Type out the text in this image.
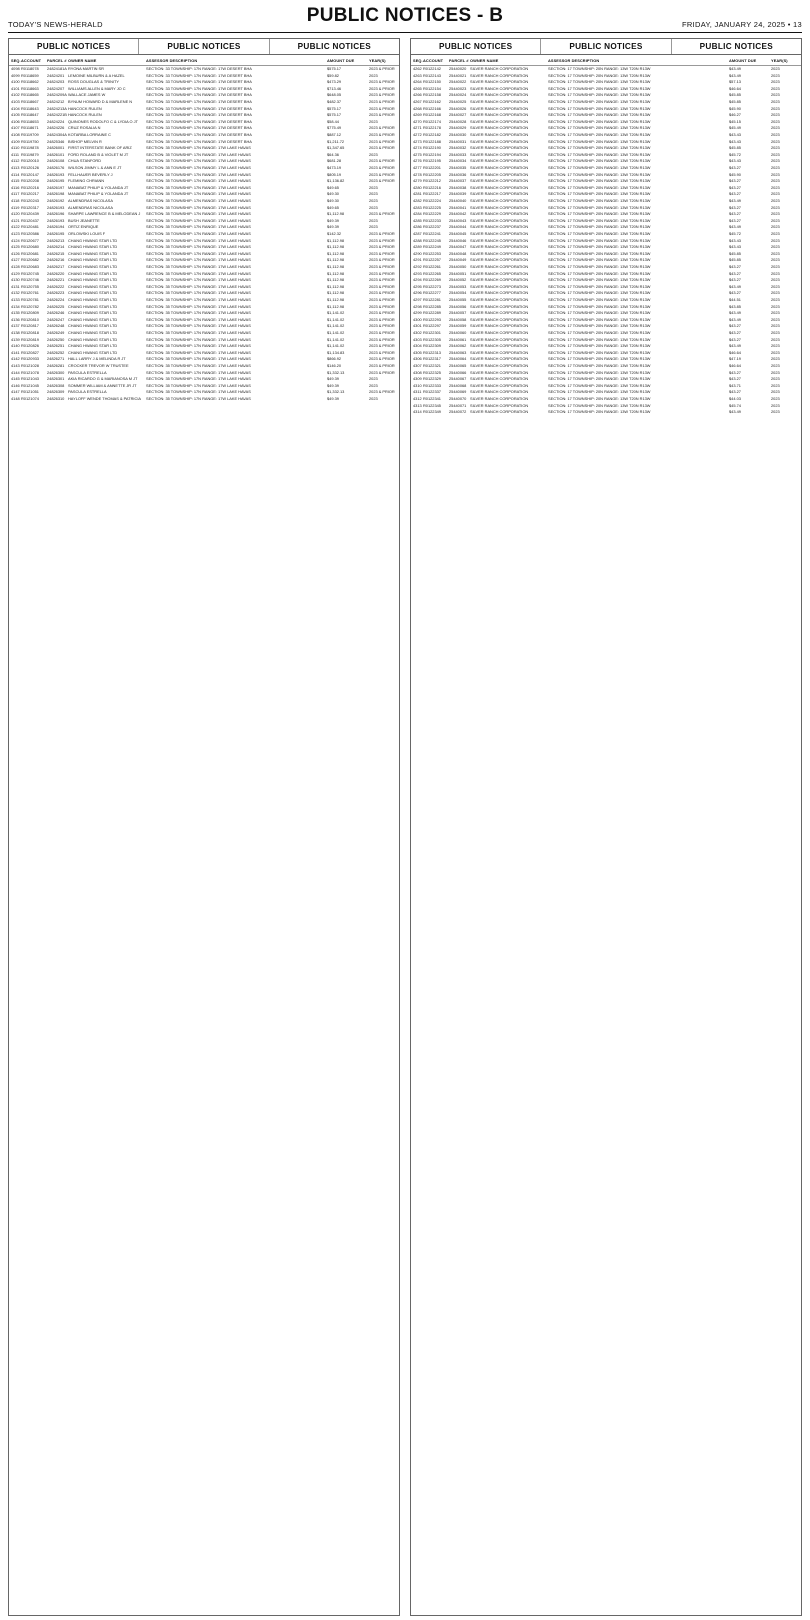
TODAY'S NEWS-HERALD	PUBLIC NOTICES - B	FRIDAY, JANUARY 24, 2025 • 13
PUBLIC NOTICES	PUBLIC NOTICES	PUBLIC NOTICES
SEQ. ACCOUNT PARCEL # OWNER NAME	ASSESSOR DESCRIPTION	AMOUNT DUE	YEAR(S)
4098 R0118078	24824181A RYONA MARTIN SR	SECTION: 33 TOWNSHIP: 17N RANGE: 17W DESERT BHA	$575.17	2023 & PRIOR
4099 R0118659	24824201 LEMOINE MILBURN & A HAZEL	SECTION: 33 TOWNSHIP: 17N RANGE: 17W DESERT BHA	$59.82	2023
4100 R0118662	24824203 ROSS DOUGLAS & TRINITY	SECTION: 33 TOWNSHIP: 17N RANGE: 17W DESERT BHA	$473.29	2023 & PRIOR
4101 R0118663	24824207 WILLIAMS ALLEN & MARY JO C	SECTION: 33 TOWNSHIP: 17N RANGE: 17W DESERT BHA	$713.46	2023 & PRIOR
4102 R0118665	24824209A WALLACE JAMES W	SECTION: 33 TOWNSHIP: 17N RANGE: 17W DESERT BHA	$648.05	2023 & PRIOR
4103 R0118667	24824212 BYNUM HOWARD D & MARLENE N	SECTION: 33 TOWNSHIP: 17N RANGE: 17W DESERT BHA	$482.37	2023 & PRIOR
4104 R0118643	24824213A HANCOCK RULEN	SECTION: 33 TOWNSHIP: 17N RANGE: 17W DESERT BHA	$575.17	2023 & PRIOR
4105 R0118647	24824221B HANCOCK RULEN	SECTION: 33 TOWNSHIP: 17N RANGE: 17W DESERT BHA	$575.17	2023 & PRIOR
4106 R0118653	24824224 QUINONES RODOLFO C & LYDIA O JT	SECTION: 33 TOWNSHIP: 17N RANGE: 17W DESERT BHA	$58.44	2023
4107 R0118671	24824226 CRUZ ROSALIA N	SECTION: 33 TOWNSHIP: 17N RANGE: 17W DESERT BHA	$775.49	2023 & PRIOR
4108 R0119709	24824304A KOTARBA LORRAINE C	SECTION: 33 TOWNSHIP: 17N RANGE: 17W DESERT BHA	$887.12	2023 & PRIOR
4109 R0119750	24825346 BISHOP MELVIN R	SECTION: 35 TOWNSHIP: 17N RANGE: 17W DESERT BHA	$1,211.72	2023 & PRIOR
4110 R0119878	24826001 FIRST INTERSTATE BANK OF ARIZ	SECTION: 35 TOWNSHIP: 17N RANGE: 17W LAKE HAVAS	$1,347.65	2023 & PRIOR
4111 R0119879	24826101 FORD ROLAND B & VIOLET M JT	SECTION: 35 TOWNSHIP: 17N RANGE: 17W LAKE HAVAS	$64.36	2023
4112 R0120010	24826108 CHUA STANFORD	SECTION: 35 TOWNSHIP: 17N RANGE: 17W LAKE HAVAS	$681.28	2023 & PRIOR
4113 R0120126	24826176 WILSON JIMMY L & ANN E JT	SECTION: 35 TOWNSHIP: 17N RANGE: 17W LAKE HAVAS	$473.19	2023 & PRIOR
4114 R0120147	24826193 FELLHAUER BEVERLY J	SECTION: 35 TOWNSHIP: 17N RANGE: 17W LAKE HAVAS	$805.19	2023 & PRIOR
4115 R0120208	24826195 FLEMING CHRIANN	SECTION: 35 TOWNSHIP: 17N RANGE: 17W LAKE HAVAS	$1,136.82	2023 & PRIOR
4116 R0120216	24826197 MANABAT PHILIP & YOLANDA JT	SECTION: 35 TOWNSHIP: 17N RANGE: 17W LAKE HAVAS	$49.65	2023
4117 R0120217	24826198 MANABAT PHILIP & YOLANDA JT	SECTION: 35 TOWNSHIP: 17N RANGE: 17W LAKE HAVAS	$49.30	2023
4118 R0120243	24826192 ALMENDRAS NICOLASA	SECTION: 35 TOWNSHIP: 17N RANGE: 17W LAKE HAVAS	$49.30	2023
4119 R0120317	24826193 ALMENDRAS NICOLASA	SECTION: 35 TOWNSHIP: 17N RANGE: 17W LAKE HAVAS	$49.65	2023
4120 R0120439	24826196 SHARPE LAWRENCE B & MELODEAN J	SECTION: 35 TOWNSHIP: 17N RANGE: 17W LAKE HAVAS	$1,112.98	2023 & PRIOR
4121 R0120437	24826193 BUSH JEANETTE	SECTION: 35 TOWNSHIP: 17N RANGE: 17W LAKE HAVAS	$49.39	2023
4122 R0120481	24826194 ORTIZ ENRIQUE	SECTION: 35 TOWNSHIP: 17N RANGE: 17W LAKE HAVAS	$49.39	2023
4123 R0120586	24826195 ORLOWSKI LOUIS F	SECTION: 35 TOWNSHIP: 17N RANGE: 17W LAKE HAVAS	$142.32	2023 & PRIOR
4124 R0120677	24826213 CHANG HWANG STAR LTD	SECTION: 35 TOWNSHIP: 17N RANGE: 17W LAKE HAVAS	$1,112.98	2023 & PRIOR
4125 R0120680	24826214 CHANG HWANG STAR LTD	SECTION: 35 TOWNSHIP: 17N RANGE: 17W LAKE HAVAS	$1,112.98	2023 & PRIOR
4126 R0120681	24826215 CHANG HWANG STAR LTD	SECTION: 35 TOWNSHIP: 17N RANGE: 17W LAKE HAVAS	$1,112.98	2023 & PRIOR
4127 R0120682	24826216 CHANG HWANG STAR LTD	SECTION: 35 TOWNSHIP: 17N RANGE: 17W LAKE HAVAS	$1,112.98	2023 & PRIOR
4128 R0120683	24826217 CHANG HWANG STAR LTD	SECTION: 35 TOWNSHIP: 17N RANGE: 17W LAKE HAVAS	$1,112.98	2023 & PRIOR
4129 R0120745	24826220 CHANG HWANG STAR LTD	SECTION: 35 TOWNSHIP: 17N RANGE: 17W LAKE HAVAS	$1,112.98	2023 & PRIOR
4130 R0120746	24826221 CHANG HWANG STAR LTD	SECTION: 35 TOWNSHIP: 17N RANGE: 17W LAKE HAVAS	$1,112.98	2023 & PRIOR
4131 R0120755	24826222 CHANG HWANG STAR LTD	SECTION: 35 TOWNSHIP: 17N RANGE: 17W LAKE HAVAS	$1,112.98	2023 & PRIOR
4132 R0120761	24826223 CHANG HWANG STAR LTD	SECTION: 35 TOWNSHIP: 17N RANGE: 17W LAKE HAVAS	$1,112.98	2023 & PRIOR
4133 R0120781	24826224 CHANG HWANG STAR LTD	SECTION: 35 TOWNSHIP: 17N RANGE: 17W LAKE HAVAS	$1,112.98	2023 & PRIOR
4134 R0120782	24826225 CHANG HWANG STAR LTD	SECTION: 35 TOWNSHIP: 17N RANGE: 17W LAKE HAVAS	$1,112.98	2023 & PRIOR
4135 R0120809	24826246 CHANG HWANG STAR LTD	SECTION: 35 TOWNSHIP: 17N RANGE: 17W LAKE HAVAS	$1,141.02	2023 & PRIOR
4136 R0120810	24826247 CHANG HWANG STAR LTD	SECTION: 35 TOWNSHIP: 17N RANGE: 17W LAKE HAVAS	$1,141.02	2023 & PRIOR
4137 R0120817	24826248 CHANG HWANG STAR LTD	SECTION: 35 TOWNSHIP: 17N RANGE: 17W LAKE HAVAS	$1,141.02	2023 & PRIOR
4138 R0120818	24826249 CHANG HWANG STAR LTD	SECTION: 35 TOWNSHIP: 17N RANGE: 17W LAKE HAVAS	$1,141.02	2023 & PRIOR
4139 R0120819	24826250 CHANG HWANG STAR LTD	SECTION: 35 TOWNSHIP: 17N RANGE: 17W LAKE HAVAS	$1,141.02	2023 & PRIOR
4140 R0120826	24826251 CHANG HWANG STAR LTD	SECTION: 35 TOWNSHIP: 17N RANGE: 17W LAKE HAVAS	$1,141.02	2023 & PRIOR
4141 R0120827	24826252 CHANG HWANG STAR LTD	SECTION: 35 TOWNSHIP: 17N RANGE: 17W LAKE HAVAS	$1,134.83	2023 & PRIOR
4142 R0120933	24826271 HALL LARRY J & MELINDA R JT	SECTION: 35 TOWNSHIP: 17N RANGE: 17W LAKE HAVAS	$866.92	2023 & PRIOR
4143 R0121028	24826281 CROCKER TREVOR W TRUSTEE	SECTION: 35 TOWNSHIP: 17N RANGE: 17W LAKE HAVAS	$146.20	2023 & PRIOR
4144 R0121078	24826300 PASCULA ESTRELLA	SECTION: 35 TOWNSHIP: 17N RANGE: 17W LAKE HAVAS	$1,332.13	2023 & PRIOR
4145 R0121043	24826301 AKIA RICARDO G & MARIANOSA M JT	SECTION: 35 TOWNSHIP: 17N RANGE: 17W LAKE HAVAS	$49.39	2023
4146 R0121045	24826308 SOMMER WILLIAM & ANNETTE JR JT	SECTION: 35 TOWNSHIP: 17N RANGE: 17W LAKE HAVAS	$49.39	2023
4147 R0121051	24826309 PASCULA ESTRELLA	SECTION: 35 TOWNSHIP: 17N RANGE: 17W LAKE HAVAS	$1,332.13	2023 & PRIOR
4148 R0121074	24826310 HAYLOFF WENDE THOMAS & PATRICIA	SECTION: 35 TOWNSHIP: 17N RANGE: 17W LAKE HAVAS	$49.39	2023
PUBLIC NOTICES	PUBLIC NOTICES	PUBLIC NOTICES
SEQ. ACCOUNT PARCEL # OWNER NAME	ASSESSOR DESCRIPTION	AMOUNT DUE	YEAR(S)
4262 R0122142	25440020 SILVER RANCH CORPORATION	SECTION: 17 TOWNSHIP: 20N RANGE: 13W T20N R13W	$43.49	2023
4263 R0122143	25440021 SILVER RANCH CORPORATION	SECTION: 17 TOWNSHIP: 20N RANGE: 13W T20N R13W	$43.49	2023
4264 R0122150	25440022 SILVER RANCH CORPORATION	SECTION: 17 TOWNSHIP: 20N RANGE: 13W T20N R13W	$57.13	2023
4265 R0122154	25440023 SILVER RANCH CORPORATION	SECTION: 17 TOWNSHIP: 20N RANGE: 13W T20N R13W	$46.64	2023
4266 R0122158	25440024 SILVER RANCH CORPORATION	SECTION: 17 TOWNSHIP: 20N RANGE: 13W T20N R13W	$45.85	2023
4267 R0122162	25440025 SILVER RANCH CORPORATION	SECTION: 17 TOWNSHIP: 20N RANGE: 13W T20N R13W	$45.85	2023
4268 R0122166	25440026 SILVER RANCH CORPORATION	SECTION: 17 TOWNSHIP: 20N RANGE: 13W T20N R13W	$45.90	2023
4269 R0122168	25440027 SILVER RANCH CORPORATION	SECTION: 17 TOWNSHIP: 20N RANGE: 13W T20N R13W	$46.27	2023
4270 R0122174	25440028 SILVER RANCH CORPORATION	SECTION: 17 TOWNSHIP: 20N RANGE: 13W T20N R13W	$45.15	2023
4271 R0122178	25440029 SILVER RANCH CORPORATION	SECTION: 17 TOWNSHIP: 20N RANGE: 13W T20N R13W	$45.49	2023
4272 R0122182	25440030 SILVER RANCH CORPORATION	SECTION: 17 TOWNSHIP: 20N RANGE: 13W T20N R13W	$43.43	2023
4273 R0122188	25440031 SILVER RANCH CORPORATION	SECTION: 17 TOWNSHIP: 20N RANGE: 13W T20N R13W	$43.43	2023
4274 R0122190	25440032 SILVER RANCH CORPORATION	SECTION: 17 TOWNSHIP: 20N RANGE: 13W T20N R13W	$45.85	2023
4275 R0122194	25440033 SILVER RANCH CORPORATION	SECTION: 17 TOWNSHIP: 20N RANGE: 13W T20N R13W	$45.72	2023
4276 R0122195	25440034 SILVER RANCH CORPORATION	SECTION: 17 TOWNSHIP: 20N RANGE: 13W T20N R13W	$43.43	2023
4277 R0122201	25440035 SILVER RANCH CORPORATION	SECTION: 17 TOWNSHIP: 20N RANGE: 13W T20N R13W	$43.27	2023
4278 R0122205	25440036 SILVER RANCH CORPORATION	SECTION: 17 TOWNSHIP: 20N RANGE: 13W T20N R13W	$45.90	2023
4279 R0122212	25440037 SILVER RANCH CORPORATION	SECTION: 17 TOWNSHIP: 20N RANGE: 13W T20N R13W	$43.27	2023
4280 R0122216	25440038 SILVER RANCH CORPORATION	SECTION: 17 TOWNSHIP: 20N RANGE: 13W T20N R13W	$43.27	2023
4281 R0122217	25440039 SILVER RANCH CORPORATION	SECTION: 17 TOWNSHIP: 20N RANGE: 13W T20N R13W	$43.27	2023
4282 R0122224	25440040 SILVER RANCH CORPORATION	SECTION: 17 TOWNSHIP: 20N RANGE: 13W T20N R13W	$43.49	2023
4283 R0122225	25440041 SILVER RANCH CORPORATION	SECTION: 17 TOWNSHIP: 20N RANGE: 13W T20N R13W	$43.27	2023
4284 R0122229	25440042 SILVER RANCH CORPORATION	SECTION: 17 TOWNSHIP: 20N RANGE: 13W T20N R13W	$43.27	2023
4285 R0122233	25440043 SILVER RANCH CORPORATION	SECTION: 17 TOWNSHIP: 20N RANGE: 13W T20N R13W	$43.27	2023
4286 R0122237	25440044 SILVER RANCH CORPORATION	SECTION: 17 TOWNSHIP: 20N RANGE: 13W T20N R13W	$43.49	2023
4287 R0122241	25440045 SILVER RANCH CORPORATION	SECTION: 17 TOWNSHIP: 20N RANGE: 13W T20N R13W	$45.72	2023
4288 R0122245	25440046 SILVER RANCH CORPORATION	SECTION: 17 TOWNSHIP: 20N RANGE: 13W T20N R13W	$43.43	2023
4289 R0122249	25440047 SILVER RANCH CORPORATION	SECTION: 17 TOWNSHIP: 20N RANGE: 13W T20N R13W	$43.43	2023
4290 R0122253	25440048 SILVER RANCH CORPORATION	SECTION: 17 TOWNSHIP: 20N RANGE: 13W T20N R13W	$45.85	2023
4291 R0122257	25440049 SILVER RANCH CORPORATION	SECTION: 17 TOWNSHIP: 20N RANGE: 13W T20N R13W	$45.85	2023
4292 R0122261	25440050 SILVER RANCH CORPORATION	SECTION: 17 TOWNSHIP: 20N RANGE: 13W T20N R13W	$43.27	2023
4293 R0122265	25440051 SILVER RANCH CORPORATION	SECTION: 17 TOWNSHIP: 20N RANGE: 13W T20N R13W	$43.27	2023
4294 R0122269	25440052 SILVER RANCH CORPORATION	SECTION: 17 TOWNSHIP: 20N RANGE: 13W T20N R13W	$43.27	2023
4295 R0122273	25440053 SILVER RANCH CORPORATION	SECTION: 17 TOWNSHIP: 20N RANGE: 13W T20N R13W	$43.49	2023
4296 R0122277	25440054 SILVER RANCH CORPORATION	SECTION: 17 TOWNSHIP: 20N RANGE: 13W T20N R13W	$43.27	2023
4297 R0122281	25440055 SILVER RANCH CORPORATION	SECTION: 17 TOWNSHIP: 20N RANGE: 13W T20N R13W	$44.51	2023
4298 R0122285	25440056 SILVER RANCH CORPORATION	SECTION: 17 TOWNSHIP: 20N RANGE: 13W T20N R13W	$43.85	2023
4299 R0122289	25440057 SILVER RANCH CORPORATION	SECTION: 17 TOWNSHIP: 20N RANGE: 13W T20N R13W	$43.49	2023
4300 R0122293	25440058 SILVER RANCH CORPORATION	SECTION: 17 TOWNSHIP: 20N RANGE: 13W T20N R13W	$43.49	2023
4301 R0122297	25440059 SILVER RANCH CORPORATION	SECTION: 17 TOWNSHIP: 20N RANGE: 13W T20N R13W	$43.27	2023
4302 R0122301	25440060 SILVER RANCH CORPORATION	SECTION: 17 TOWNSHIP: 20N RANGE: 13W T20N R13W	$43.27	2023
4303 R0122305	25440061 SILVER RANCH CORPORATION	SECTION: 17 TOWNSHIP: 20N RANGE: 13W T20N R13W	$43.27	2023
4304 R0122309	25440062 SILVER RANCH CORPORATION	SECTION: 17 TOWNSHIP: 20N RANGE: 13W T20N R13W	$43.49	2023
4305 R0122313	25440063 SILVER RANCH CORPORATION	SECTION: 17 TOWNSHIP: 20N RANGE: 13W T20N R13W	$46.64	2023
4306 R0122317	25440064 SILVER RANCH CORPORATION	SECTION: 17 TOWNSHIP: 20N RANGE: 13W T20N R13W	$47.19	2023
4307 R0122321	25440065 SILVER RANCH CORPORATION	SECTION: 17 TOWNSHIP: 20N RANGE: 13W T20N R13W	$46.64	2023
4308 R0122325	25440066 SILVER RANCH CORPORATION	SECTION: 17 TOWNSHIP: 20N RANGE: 13W T20N R13W	$43.27	2023
4309 R0122329	25440067 SILVER RANCH CORPORATION	SECTION: 17 TOWNSHIP: 20N RANGE: 13W T20N R13W	$43.27	2023
4310 R0122333	25440068 SILVER RANCH CORPORATION	SECTION: 17 TOWNSHIP: 20N RANGE: 13W T20N R13W	$43.71	2023
4311 R0122337	25440069 SILVER RANCH CORPORATION	SECTION: 17 TOWNSHIP: 20N RANGE: 13W T20N R13W	$43.27	2023
4312 R0122341	25440070 SILVER RANCH CORPORATION	SECTION: 17 TOWNSHIP: 20N RANGE: 13W T20N R13W	$44.03	2023
4313 R0122345	25440071 SILVER RANCH CORPORATION	SECTION: 17 TOWNSHIP: 20N RANGE: 13W T20N R13W	$45.74	2023
4314 R0122349	25440072 SILVER RANCH CORPORATION	SECTION: 17 TOWNSHIP: 20N RANGE: 13W T20N R13W	$43.49	2023
